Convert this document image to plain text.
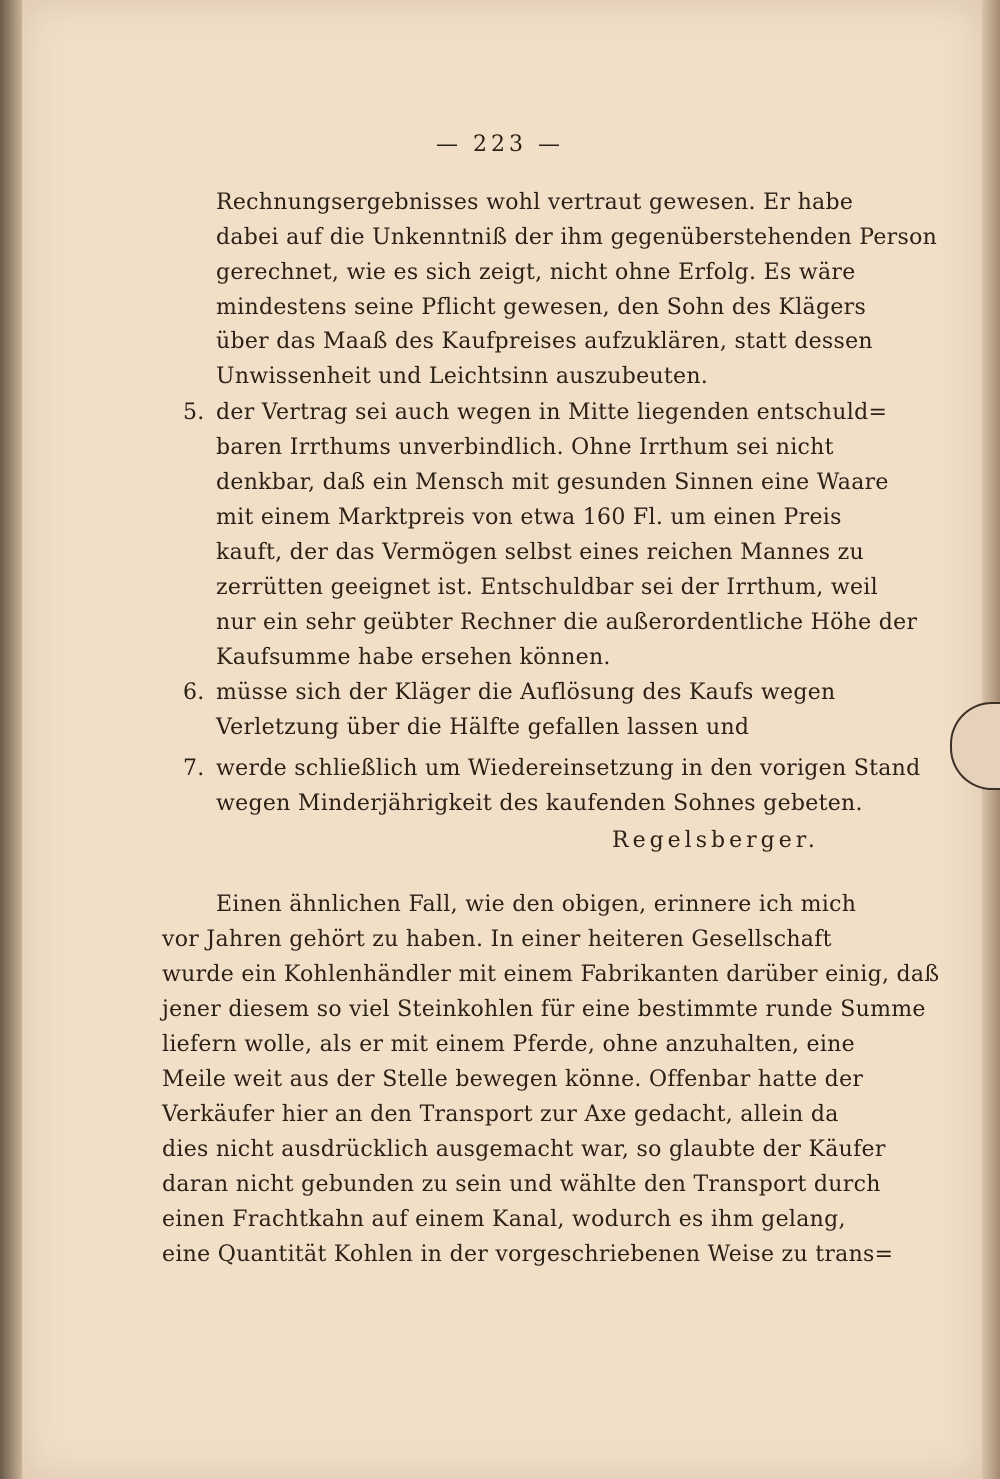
— 223 —
Rechnungsergebnisses wohl vertraut gewesen. Er habe
dabei auf die Unkenntniß der ihm gegenüberstehenden Person
gerechnet, wie es sich zeigt, nicht ohne Erfolg. Es wäre
mindestens seine Pflicht gewesen, den Sohn des Klägers
über das Maaß des Kaufpreises aufzuklären, statt dessen
Unwissenheit und Leichtsinn auszubeuten.
5. der Vertrag sei auch wegen in Mitte liegenden entschuld=
baren Irrthums unverbindlich. Ohne Irrthum sei nicht
denkbar, daß ein Mensch mit gesunden Sinnen eine Waare
mit einem Marktpreis von etwa 160 Fl. um einen Preis
kauft, der das Vermögen selbst eines reichen Mannes zu
zerrütten geeignet ist. Entschuldbar sei der Irrthum, weil
nur ein sehr geübter Rechner die außerordentliche Höhe der
Kaufsumme habe ersehen können.
6. müsse sich der Kläger die Auflösung des Kaufs wegen
Verletzung über die Hälfte gefallen lassen und
7. werde schließlich um Wiedereinsetzung in den vorigen Stand
wegen Minderjährigkeit des kaufenden Sohnes gebeten.
Regelsberger.
Einen ähnlichen Fall, wie den obigen, erinnere ich mich
vor Jahren gehört zu haben. In einer heiteren Gesellschaft
wurde ein Kohlenhändler mit einem Fabrikanten darüber einig, daß
jener diesem so viel Steinkohlen für eine bestimmte runde Summe
liefern wolle, als er mit einem Pferde, ohne anzuhalten, eine
Meile weit aus der Stelle bewegen könne. Offenbar hatte der
Verkäufer hier an den Transport zur Axe gedacht, allein da
dies nicht ausdrücklich ausgemacht war, so glaubte der Käufer
daran nicht gebunden zu sein und wählte den Transport durch
einen Frachtkahn auf einem Kanal, wodurch es ihm gelang,
eine Quantität Kohlen in der vorgeschriebenen Weise zu trans=
